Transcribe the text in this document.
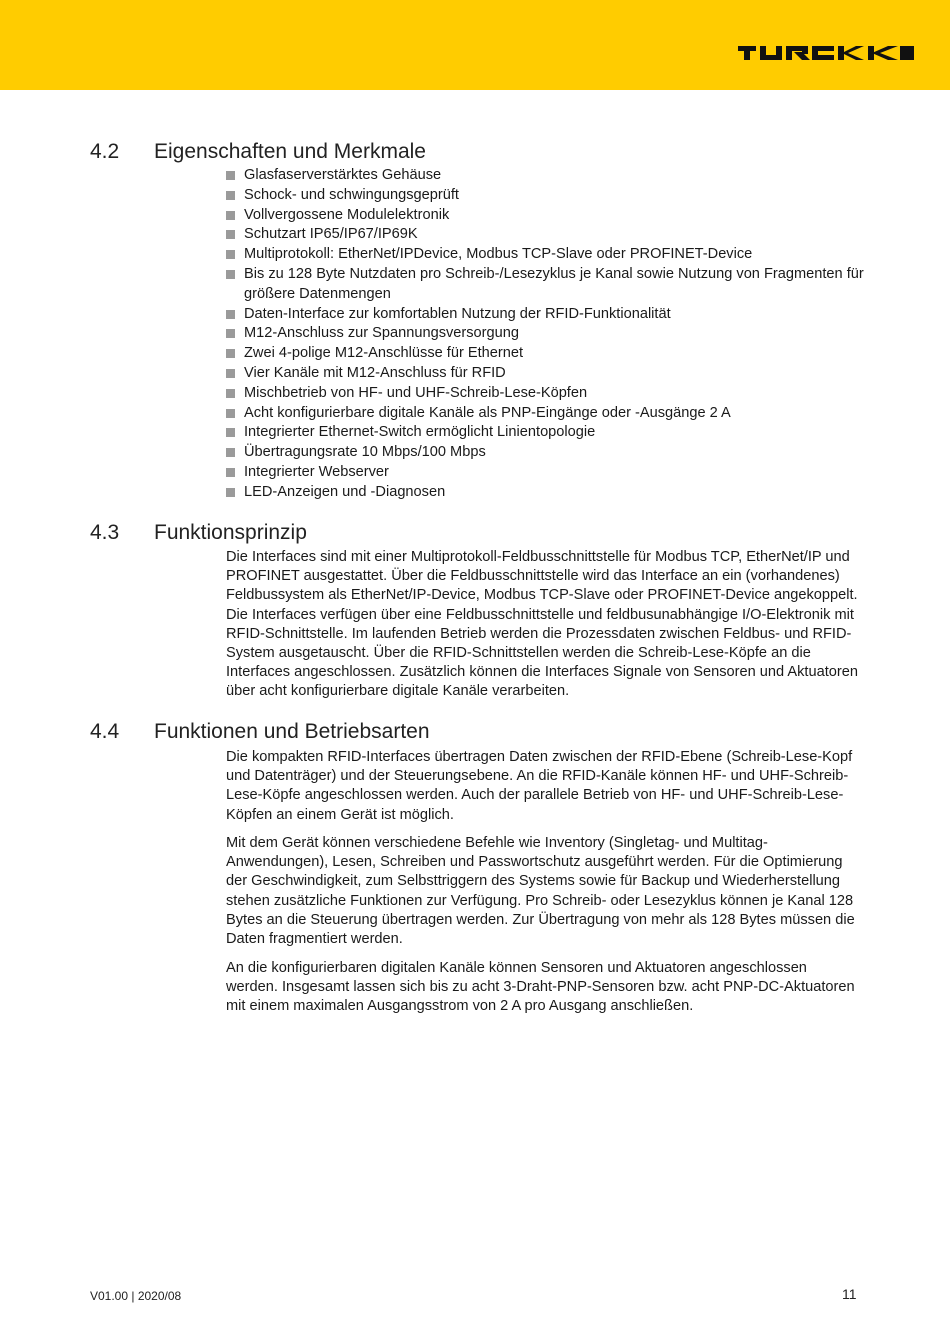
4.2 Eigenschaften und Merkmale
Glasfaserverstärktes Gehäuse
Schock- und schwingungsgeprüft
Vollvergossene Modulelektronik
Schutzart IP65/IP67/IP69K
Multiprotokoll: EtherNet/IPDevice, Modbus TCP-Slave oder PROFINET-Device
Bis zu 128 Byte Nutzdaten pro Schreib-/Lesezyklus je Kanal sowie Nutzung von Fragmenten für größere Datenmengen
Daten-Interface zur komfortablen Nutzung der RFID-Funktionalität
M12-Anschluss zur Spannungsversorgung
Zwei 4-polige M12-Anschlüsse für Ethernet
Vier Kanäle mit M12-Anschluss für RFID
Mischbetrieb von HF- und UHF-Schreib-Lese-Köpfen
Acht konfigurierbare digitale Kanäle als PNP-Eingänge oder -Ausgänge 2 A
Integrierter Ethernet-Switch ermöglicht Linientopologie
Übertragungsrate 10 Mbps/100 Mbps
Integrierter Webserver
LED-Anzeigen und -Diagnosen
4.3 Funktionsprinzip

Die Interfaces sind mit einer Multiprotokoll-Feldbusschnittstelle für Modbus TCP, EtherNet/IP und PROFINET ausgestattet. Über die Feldbusschnittstelle wird das Interface an ein (vorhandenes) Feldbussystem als EtherNet/IP-Device, Modbus TCP-Slave oder PROFINET-Device angekoppelt. Die Interfaces verfügen über eine Feldbusschnittstelle und feldbusunabhängige I/O-Elektronik mit RFID-Schnittstelle. Im laufenden Betrieb werden die Prozessdaten zwischen Feldbus- und RFID-System ausgetauscht. Über die RFID-Schnittstellen werden die Schreib-Lese-Köpfe an die Interfaces angeschlossen. Zusätzlich können die Interfaces Signale von Sensoren und Aktuatoren über acht konfigurierbare digitale Kanäle verarbeiten.

4.4 Funktionen und Betriebsarten

Die kompakten RFID-Interfaces übertragen Daten zwischen der RFID-Ebene (Schreib-Lese-Kopf und Datenträger) und der Steuerungsebene. An die RFID-Kanäle können HF- und UHF-Schreib-Lese-Köpfe angeschlossen werden. Auch der parallele Betrieb von HF- und UHF-Schreib-Lese-Köpfen an einem Gerät ist möglich.

Mit dem Gerät können verschiedene Befehle wie Inventory (Singletag- und Multitag-Anwendungen), Lesen, Schreiben und Passwortschutz ausgeführt werden. Für die Optimierung der Geschwindigkeit, zum Selbsttriggern des Systems sowie für Backup und Wiederherstellung stehen zusätzliche Funktionen zur Verfügung. Pro Schreib- oder Lesezyklus können je Kanal 128 Bytes an die Steuerung übertragen werden. Zur Übertragung von mehr als 128 Bytes müssen die Daten fragmentiert werden.

An die konfigurierbaren digitalen Kanäle können Sensoren und Aktuatoren angeschlossen werden. Insgesamt lassen sich bis zu acht 3-Draht-PNP-Sensoren bzw. acht PNP-DC-Aktuatoren mit einem maximalen Ausgangsstrom von 2 A pro Ausgang anschließen.

V01.00 | 2020/08	11
